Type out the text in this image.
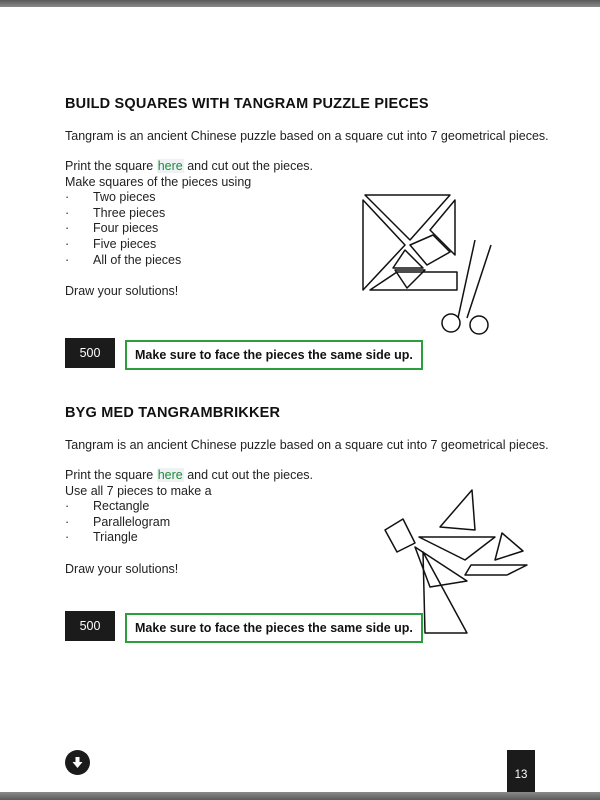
BUILD SQUARES WITH TANGRAM PUZZLE PIECES
Tangram is an ancient Chinese puzzle based on a square cut into 7 geometrical pieces.

Print the square here and cut out the pieces.

Make squares of the pieces using

· Two pieces
· Three pieces
· Four pieces
· Five pieces
· All of the pieces

Draw your solutions!

500	Make sure to face the pieces the same side up.
BYG MED TANGRAMBRIKKER
Tangram is an ancient Chinese puzzle based on a square cut into 7 geometrical pieces.

Print the square here and cut out the pieces.

Use all 7 pieces to make a

· Rectangle
· Parallelogram
· Triangle

Draw your solutions!

500	Make sure to face the pieces the same side up.
13
